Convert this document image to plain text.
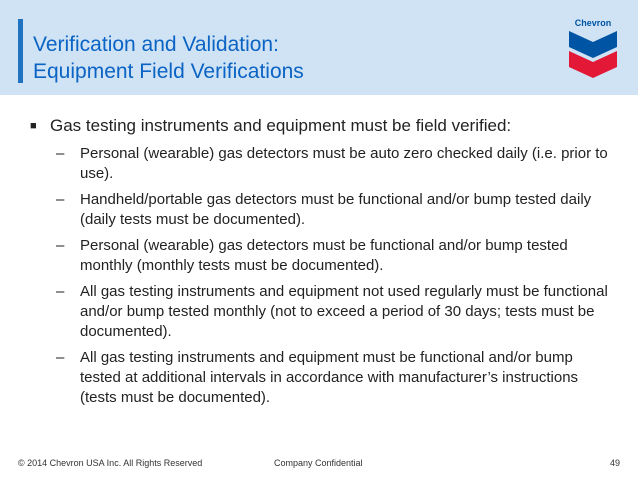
Verification and Validation:
Equipment Field Verifications
Chevron
■ Gas testing instruments and equipment must be field verified:
–	Personal (wearable) gas detectors must be auto zero checked daily (i.e. prior to use).
–	Handheld/portable gas detectors must be functional and/or bump tested daily (daily tests must be documented).
–	Personal (wearable) gas detectors must be functional and/or bump tested monthly (monthly tests must be documented).
–	All gas testing instruments and equipment not used regularly must be functional and/or bump tested monthly (not to exceed a period of 30 days; tests must be documented).
–	All gas testing instruments and equipment must be functional and/or bump tested at additional intervals in accordance with manufacturer’s instructions (tests must be documented).
© 2014 Chevron USA Inc. All Rights Reserved	Company Confidential	49
